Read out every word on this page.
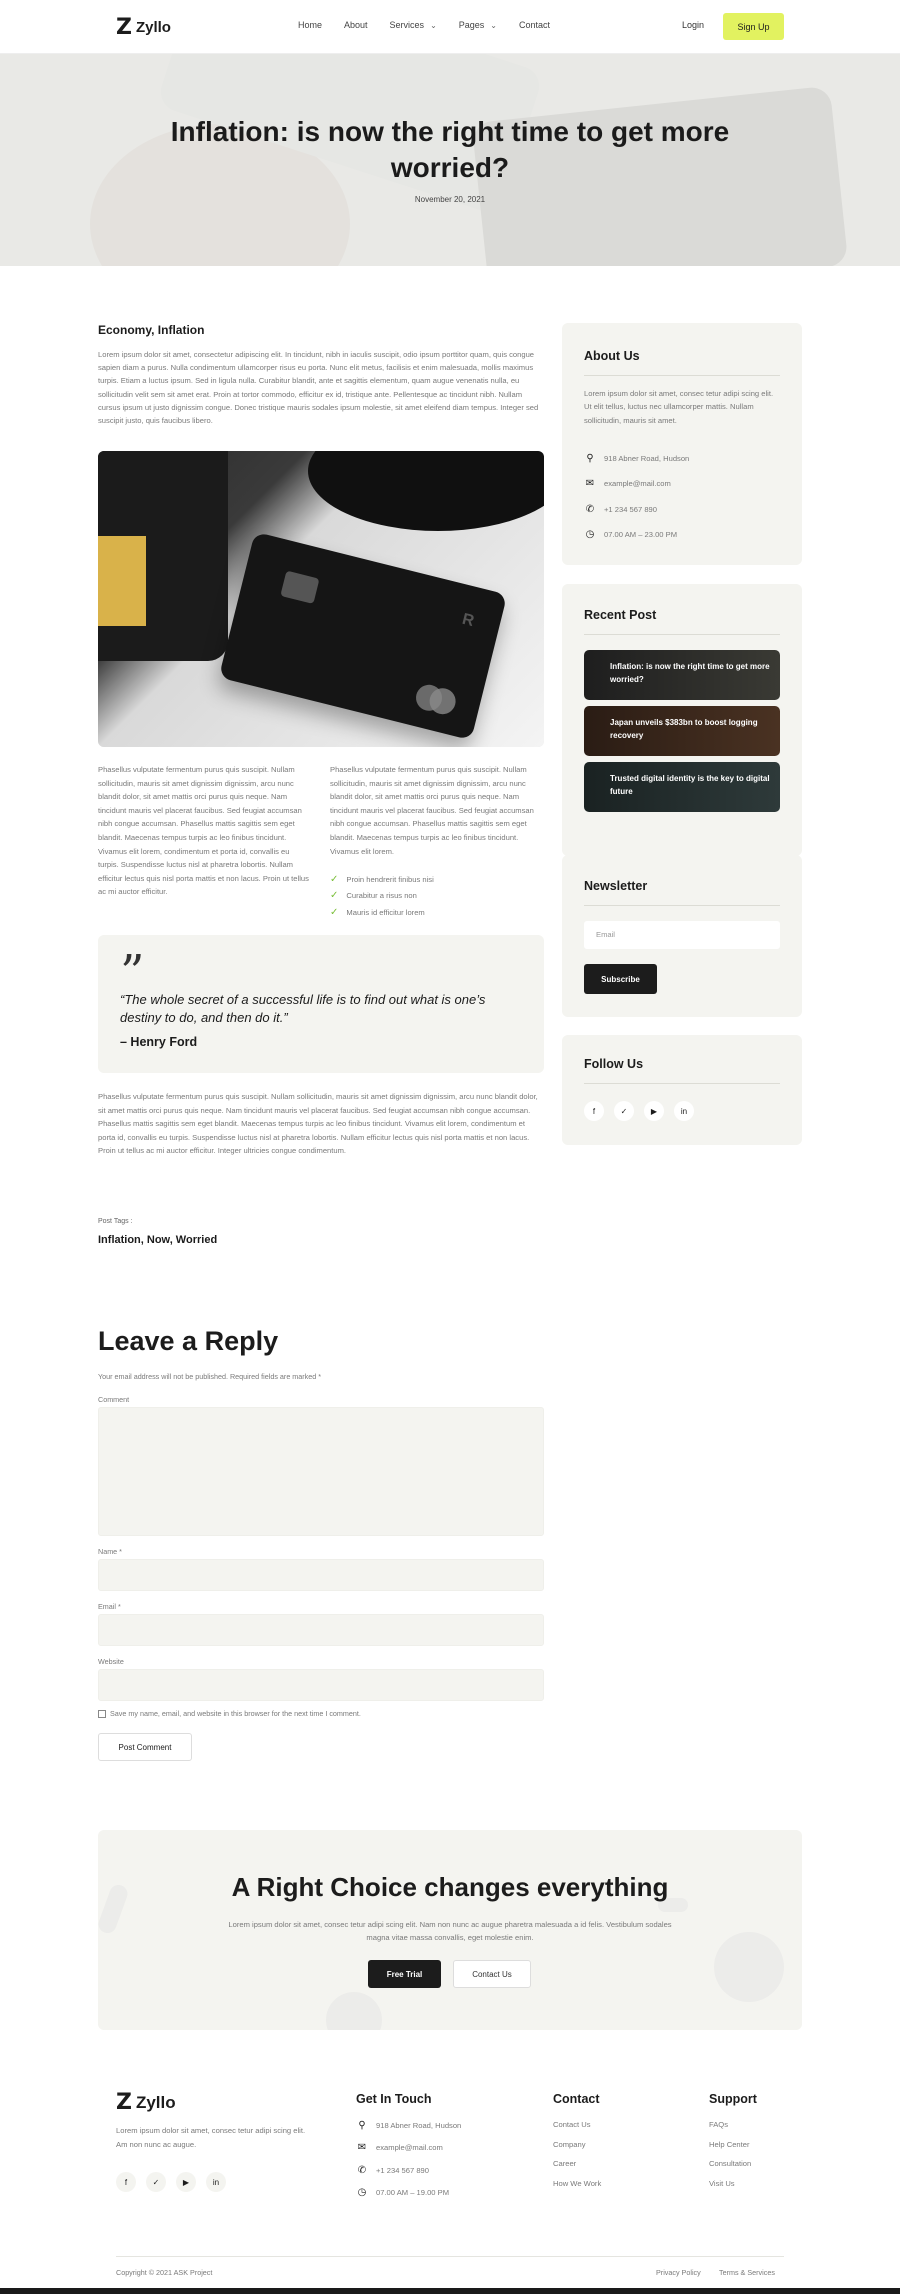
Z Zyllo	Home About Services ⌄ Pages ⌄ Contact	Login	Sign Up
Inflation: is now the right time to get more worried?
November 20, 2021
Economy, Inflation

Lorem ipsum dolor sit amet, consectetur adipiscing elit. In tincidunt, nibh in iaculis suscipit, odio ipsum porttitor quam, quis congue sapien diam a purus. Nulla condimentum ullamcorper risus eu porta. Nunc elit metus, facilisis et enim malesuada, mollis maximus turpis. Etiam a luctus ipsum. Sed in ligula nulla. Curabitur blandit, ante et sagittis elementum, quam augue venenatis nulla, eu sollicitudin velit sem sit amet erat. Proin at tortor commodo, efficitur ex id, tristique ante. Pellentesque ac tincidunt nibh. Nullam cursus ipsum ut justo dignissim congue. Donec tristique mauris sodales ipsum molestie, sit amet eleifend diam tempus. Integer sed suscipit justo, quis faucibus libero.

R

Phasellus vulputate fermentum purus quis suscipit. Nullam sollicitudin, mauris sit amet dignissim dignissim, arcu nunc blandit dolor, sit amet mattis orci purus quis neque. Nam tincidunt mauris vel placerat faucibus. Sed feugiat accumsan nibh congue accumsan. Phasellus mattis sagittis sem eget blandit. Maecenas tempus turpis ac leo finibus tincidunt. Vivamus elit lorem, condimentum et porta id, convallis eu turpis. Suspendisse luctus nisl at pharetra lobortis. Nullam efficitur lectus quis nisl porta mattis et non lacus. Proin ut tellus ac mi auctor efficitur.

Phasellus vulputate fermentum purus quis suscipit. Nullam sollicitudin, mauris sit amet dignissim dignissim, arcu nunc blandit dolor, sit amet mattis orci purus quis neque. Nam tincidunt mauris vel placerat faucibus. Sed feugiat accumsan nibh congue accumsan. Phasellus mattis sagittis sem eget blandit. Maecenas tempus turpis ac leo finibus tincidunt. Vivamus elit lorem.

✓ Proin hendrerit finibus nisi
✓ Curabitur a risus non
✓ Mauris id efficitur lorem
”

“The whole secret of a successful life is to find out what is one’s destiny to do, and then do it.”

– Henry Ford

Phasellus vulputate fermentum purus quis suscipit. Nullam sollicitudin, mauris sit amet dignissim dignissim, arcu nunc blandit dolor, sit amet mattis orci purus quis neque. Nam tincidunt mauris vel placerat faucibus. Sed feugiat accumsan nibh congue accumsan. Phasellus mattis sagittis sem eget blandit. Maecenas tempus turpis ac leo finibus tincidunt. Vivamus elit lorem, condimentum et porta id, convallis eu turpis. Suspendisse luctus nisl at pharetra lobortis. Nullam efficitur lectus quis nisl porta mattis et non lacus. Proin ut tellus ac mi auctor efficitur. Integer ultricies congue condimentum.

Post Tags :
Inflation, Now, Worried
Leave a Reply
Your email address will not be published. Required fields are marked *
Comment
Name *
Email *
Website
Save my name, email, and website in this browser for the next time I comment.
Post Comment
About Us

Lorem ipsum dolor sit amet, consec tetur adipi scing elit. Ut elit tellus, luctus nec ullamcorper mattis. Nullam sollicitudin, mauris sit amet.

⚲	918 Abner Road, Hudson
✉ example@mail.com
✆ +1 234 567 890
◷ 07.00 AM – 23.00 PM
Recent Post
Inflation: is now the right time to get more worried?
Japan unveils $383bn to boost logging recovery
Trusted digital identity is the key to digital future
Newsletter
Email
Subscribe
Follow Us
f	✓	▶	in
A Right Choice changes everything

Lorem ipsum dolor sit amet, consec tetur adipi scing elit. Nam non nunc ac augue pharetra malesuada a id felis. Vestibulum sodales magna vitae massa convallis, eget molestie enim.

Free Trial	Contact Us
Z Zyllo

Lorem ipsum dolor sit amet, consec tetur adipi scing elit. Am non nunc ac augue.

f	✓	▶	in
Get In Touch
⚲	918 Abner Road, Hudson
✉ example@mail.com
✆ +1 234 567 890
◷ 07.00 AM – 19.00 PM
Contact
Contact Us
Company
Career
How We Work
Support
FAQs
Help Center
Consultation
Visit Us
Copyright © 2021 ASK Project	Privacy Policy	Terms & Services
